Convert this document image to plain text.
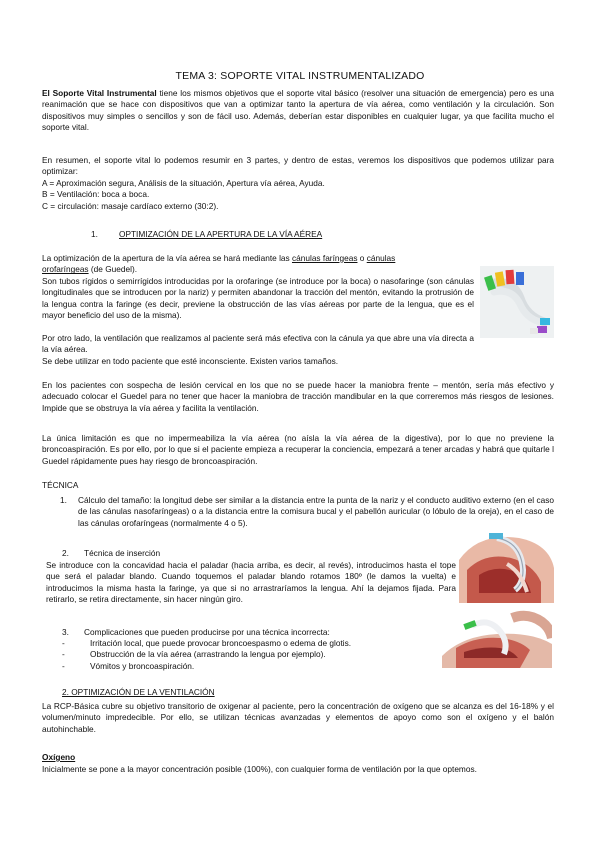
TEMA 3: SOPORTE VITAL INSTRUMENTALIZADO
El Soporte Vital Instrumental tiene los mismos objetivos que el soporte vital básico (resolver una situación de emergencia) pero es una reanimación que se hace con dispositivos que van a optimizar tanto la apertura de vía aérea, como ventilación y la circulación. Son dispositivos muy simples o sencillos y son de fácil uso. Además, deberían estar disponibles en cualquier lugar, ya que facilita mucho el soporte vital.
En resumen, el soporte vital lo podemos resumir en 3 partes, y dentro de estas, veremos los dispositivos que podemos utilizar para optimizar:
A = Aproximación segura, Análisis de la situación, Apertura vía aérea, Ayuda.
B = Ventilación: boca a boca.
C = circulación: masaje cardíaco externo (30:2).
1.	OPTIMIZACIÓN DE LA APERTURA DE LA VÍA AÉREA
La optimización de la apertura de la vía aérea se hará mediante las cánulas faríngeas o cánulas
orofaríngeas (de Guedel).
Son tubos rígidos o semirrígidos introducidas por la orofaringe (se introduce por la boca) o nasofaringe (son cánulas longitudinales que se introducen por la nariz) y permiten abandonar la tracción del mentón, evitando la protrusión de la lengua contra la faringe (es decir, previene la obstrucción de las vías aéreas por parte de la lengua, que es el mayor beneficio del uso de la misma).
Por otro lado, la ventilación que realizamos al paciente será más efectiva con la cánula ya que abre una vía directa a la vía aérea.
Se debe utilizar en todo paciente que esté inconsciente. Existen varios tamaños.
En los pacientes con sospecha de lesión cervical en los que no se puede hacer la maniobra frente – mentón, sería más efectivo y adecuado colocar el Guedel para no tener que hacer la maniobra de tracción mandibular en la que correremos más riesgos de lesiones. Impide que se obstruya la vía aérea y facilita la ventilación.
La única limitación es que no impermeabiliza la vía aérea (no aísla la vía aérea de la digestiva), por lo que no previene la broncoaspiración. Es por ello, por lo que si el paciente empieza a recuperar la conciencia, empezará a tener arcadas y habrá que quitarle l Guedel rápidamente pues hay riesgo de broncoaspiración.
TÉCNICA
1. Cálculo del tamaño: la longitud debe ser similar a la distancia entre la punta de la nariz y el conducto auditivo externo (en el caso de las cánulas nasofaríngeas) o a la distancia entre la comisura bucal y el pabellón auricular (o lóbulo de la oreja), en el caso de las cánulas orofaríngeas (normalmente 4 o 5).
2. Técnica de inserción
Se introduce con la concavidad hacia el paladar (hacia arriba, es decir, al revés), introducimos hasta el tope que será el paladar blando. Cuando toquemos el paladar blando rotamos 180º (le damos la vuelta) e introducimos la misma hasta la faringe, ya que si no arrastraríamos la lengua. Ahí la dejamos fijada. Para retirarlo, se retira directamente, sin hacer ningún giro.
3. Complicaciones que pueden producirse por una técnica incorrecta:
-	Irritación local, que puede provocar broncoespasmo o edema de glotis.
-	Obstrucción de la vía aérea (arrastrando la lengua por ejemplo).
-	Vómitos y broncoaspiración.
2. OPTIMIZACIÓN DE LA VENTILACIÓN
La RCP-Básica cubre su objetivo transitorio de oxigenar al paciente, pero la concentración de oxígeno que se alcanza es del 16-18% y el volumen/minuto impredecible. Por ello, se utilizan técnicas avanzadas y elementos de apoyo como son el oxígeno y el balón autohinchable.
Oxígeno
Inicialmente se pone a la mayor concentración posible (100%), con cualquier forma de ventilación por la que optemos.
